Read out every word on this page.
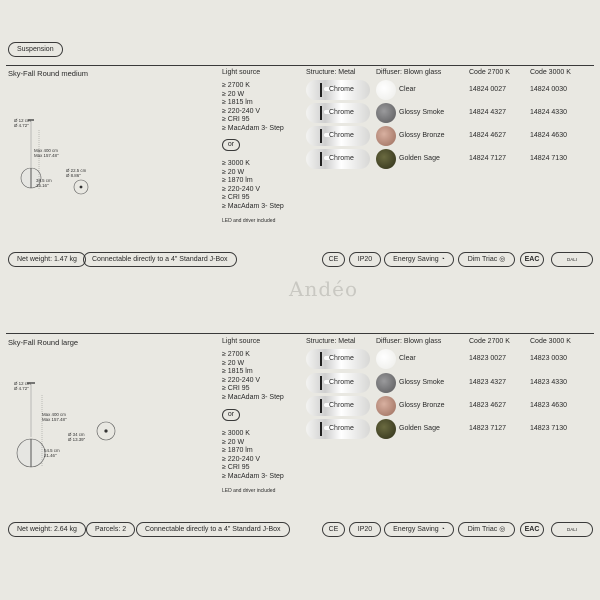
Suspension
Andéo
Sky-Fall Round medium	Light source	Structure: Metal	Diffuser: Blown glass	Code 2700 K	Code 3000 K
Ø 12 cm
Ø 4.72"
Max 400 cm
Max 157.48"
38.5 cm
15.16"
Ø 22.5 cm
Ø 8.86"
≥ 2700 K
≥ 20 W
≥ 1815 lm
≥ 220-240 V
≥ CRI 95
≥ MacAdam 3- Step
or
≥ 3000 K
≥ 20 W
≥ 1870 lm
≥ 220-240 V
≥ CRI 95
≥ MacAdam 3- Step
LED and driver included
Chrome	Clear	14824 0027	14824 0030
Chrome	Glossy Smoke	14824 4327	14824 4330
Chrome	Glossy Bronze	14824 4627	14824 4630
Chrome	Golden Sage	14824 7127	14824 7130
Net weight: 1.47 kg	Connectable directly to a 4" Standard J-Box	CE	IP20	Energy Saving ◔	Dim Triac ◎	EAC	DALI
Sky-Fall Round large	Light source	Structure: Metal	Diffuser: Blown glass	Code 2700 K	Code 3000 K
Ø 12 cm
Ø 4.72"
Max 400 cm
Max 157.48"
54.5 cm
21.46"
Ø 34 cm
Ø 13.39"
≥ 2700 K
≥ 20 W
≥ 1815 lm
≥ 220-240 V
≥ CRI 95
≥ MacAdam 3- Step
or
≥ 3000 K
≥ 20 W
≥ 1870 lm
≥ 220-240 V
≥ CRI 95
≥ MacAdam 3- Step
LED and driver included
Chrome	Clear	14823 0027	14823 0030
Chrome	Glossy Smoke	14823 4327	14823 4330
Chrome	Glossy Bronze	14823 4627	14823 4630
Chrome	Golden Sage	14823 7127	14823 7130
Net weight: 2.64 kg	Parcels: 2	Connectable directly to a 4" Standard J-Box	CE	IP20	Energy Saving ◔	Dim Triac ◎	EAC	DALI
